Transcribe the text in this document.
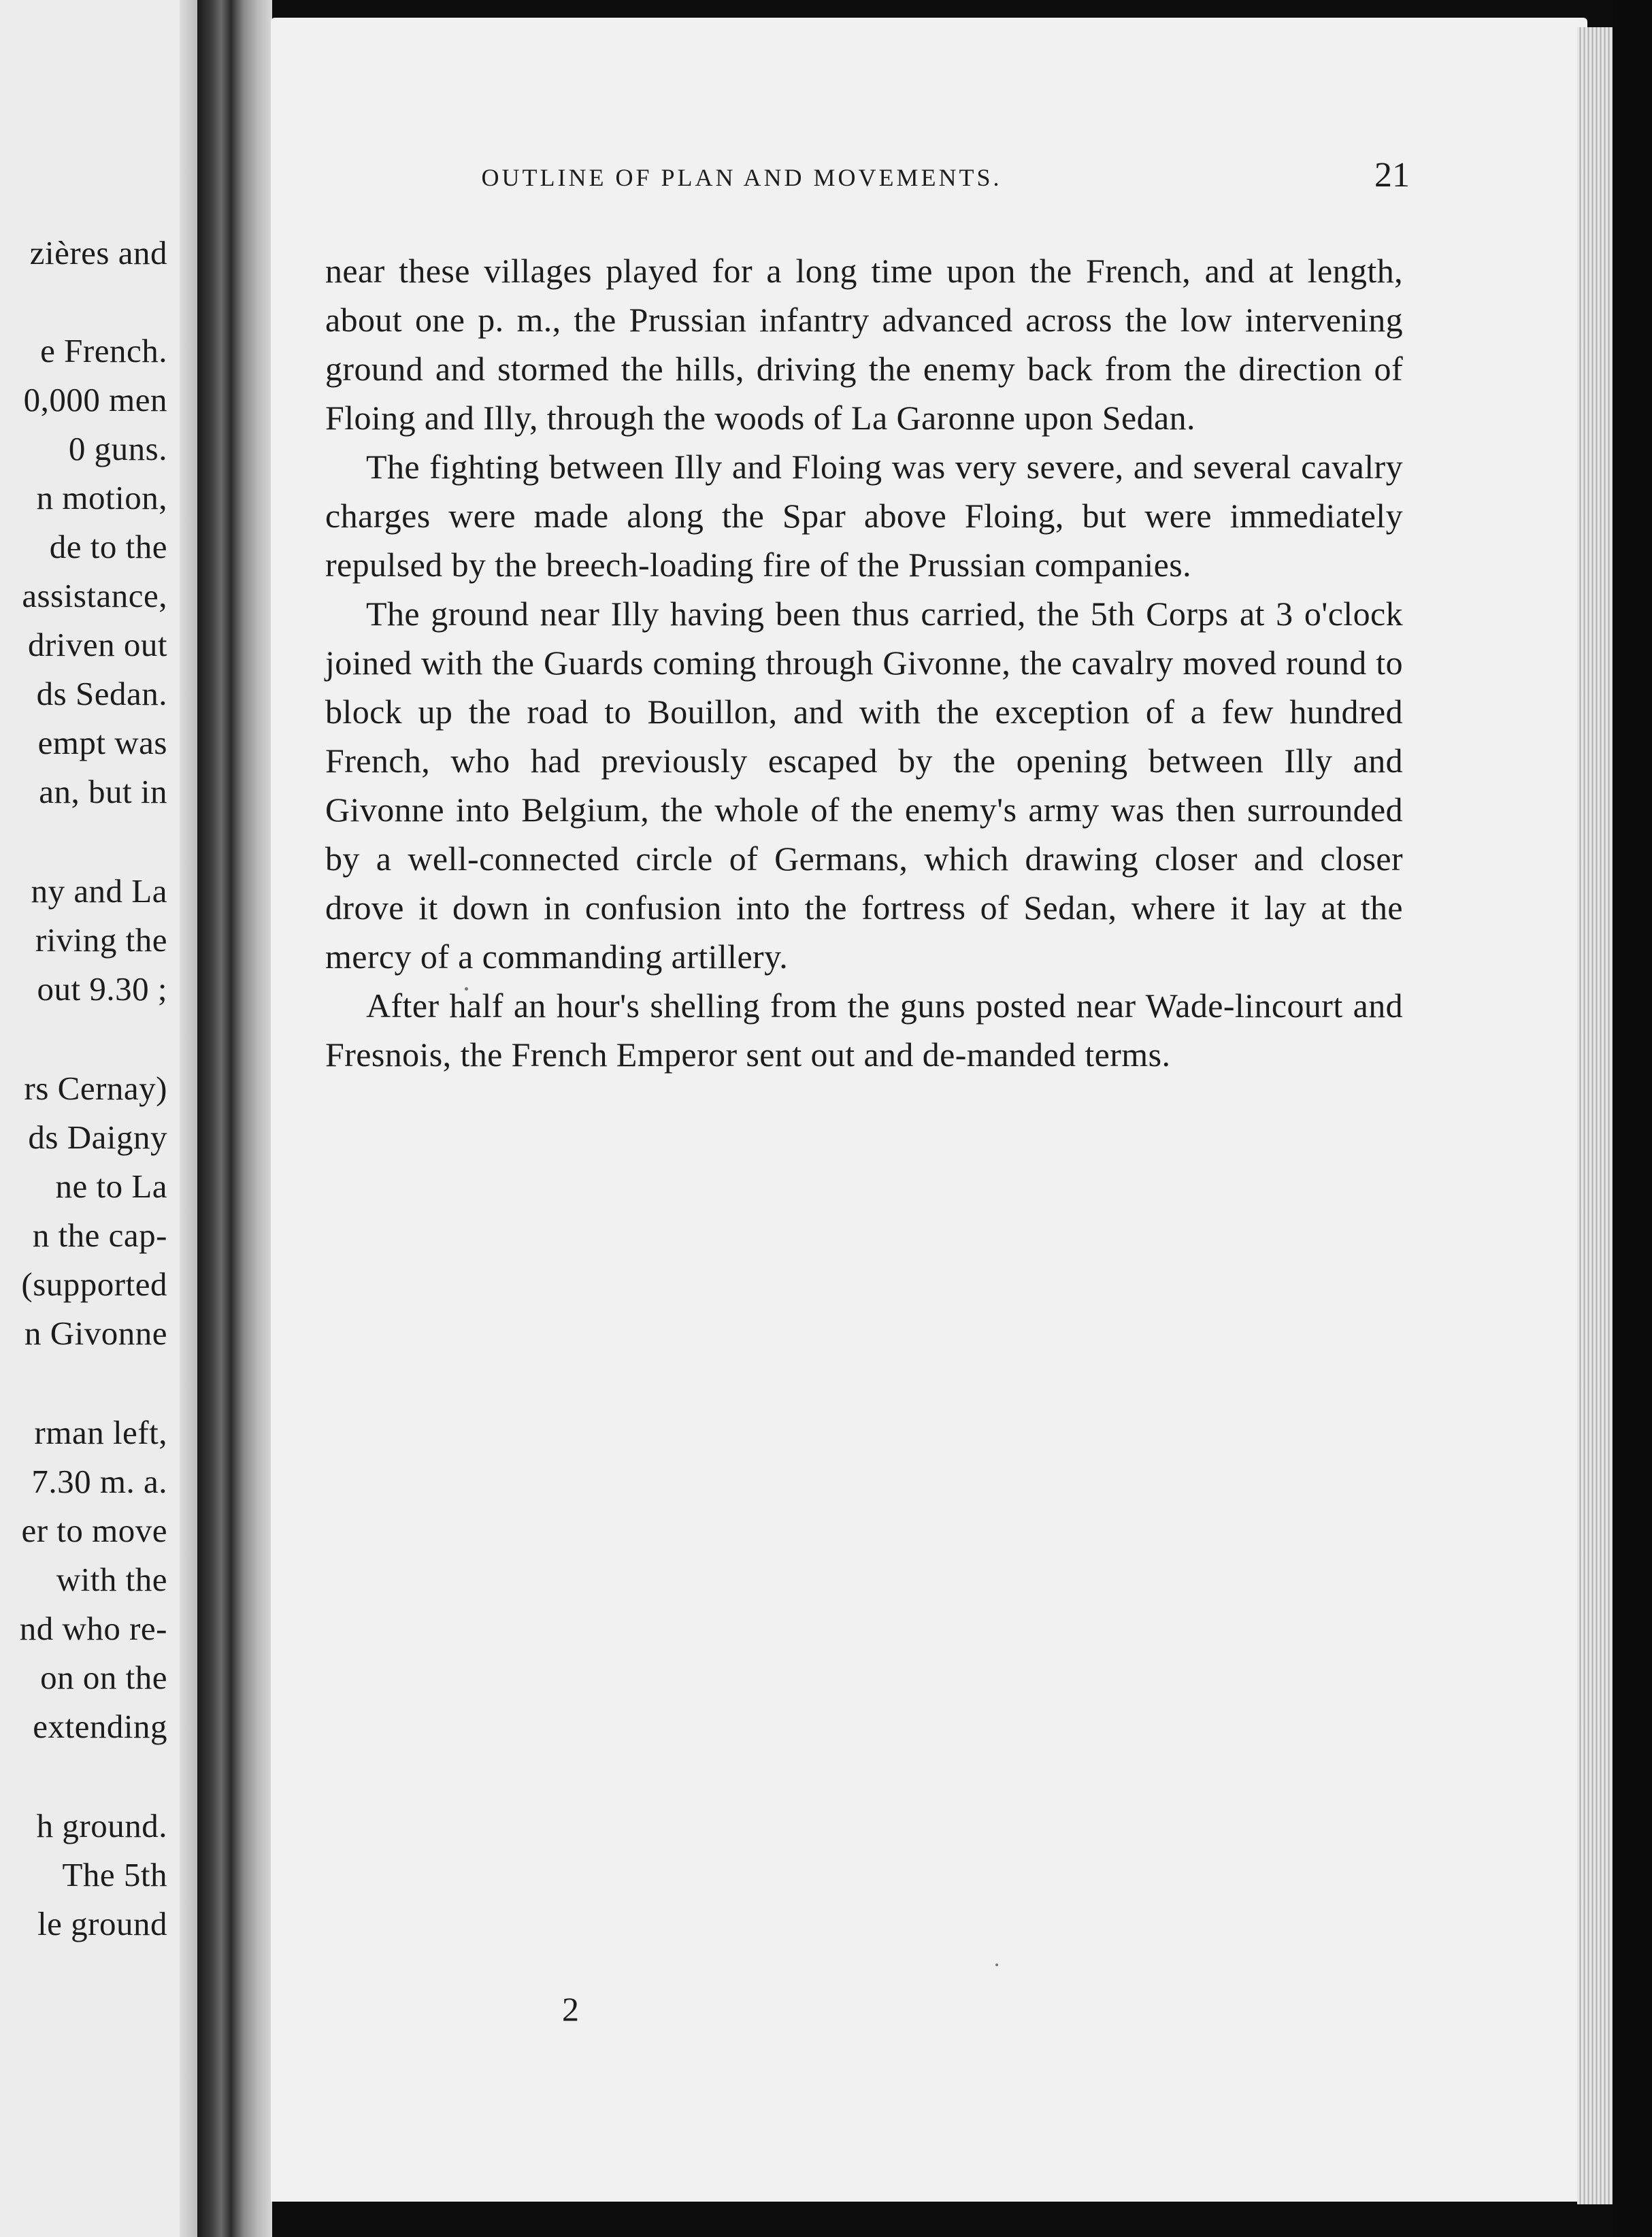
zières and
e French.
0,000 men
0 guns.
n motion,
de to the
assistance,
driven out
ds Sedan.
empt was
an, but in
ny and La
riving the
out 9.30 ;
rs Cernay)
ds Daigny
ne to La
n the cap-
(supported
n Givonne
rman left,
7.30 m. a.
er to move
with the
nd who re-
on on the
extending
h ground.
The 5th
le ground
OUTLINE OF PLAN AND MOVEMENTS.	21

near these villages played for a long time upon the French, and at length, about one p. m., the Prussian infantry advanced across the low intervening ground and stormed the hills, driving the enemy back from the direction of Floing and Illy, through the woods of La Garonne upon Sedan.

The fighting between Illy and Floing was very severe, and several cavalry charges were made along the Spar above Floing, but were immediately repulsed by the breech-loading fire of the Prussian companies.

The ground near Illy having been thus carried, the 5th Corps at 3 o'clock joined with the Guards coming through Givonne, the cavalry moved round to block up the road to Bouillon, and with the exception of a few hundred French, who had previously escaped by the opening between Illy and Givonne into Belgium, the whole of the enemy's army was then surrounded by a well-connected circle of Germans, which drawing closer and closer drove it down in confusion into the fortress of Sedan, where it lay at the mercy of a commanding artillery.

After half an hour's shelling from the guns posted near Wade-lincourt and Fresnois, the French Emperor sent out and de-manded terms.

2
